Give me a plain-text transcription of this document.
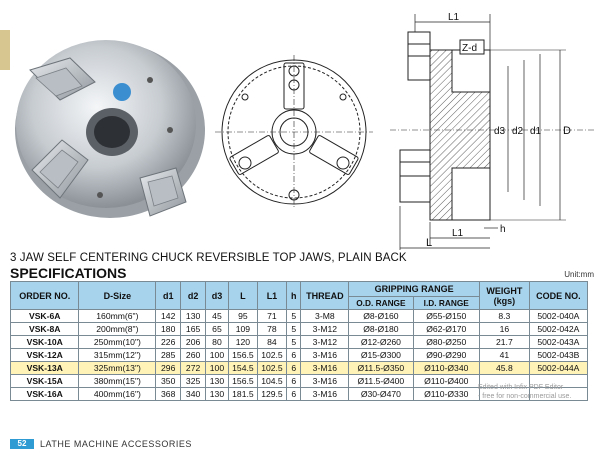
L1
Z-d
d3 d2 d1 D
h
L1
L
3 JAW SELF CENTERING CHUCK REVERSIBLE TOP JAWS, PLAIN BACK
SPECIFICATIONS	Unit:mm
ORDER NO.	D-Size	d1	d2	d3	L	L1	h	THREAD	GRIPPING RANGE		WEIGHT (kgs)	CODE NO.
									O.D. RANGE	I.D. RANGE		
VSK-6A	160mm(6")	142	130	45	95	71	5	3-M8	Ø8-Ø160	Ø55-Ø150	8.3	5002-040A
VSK-8A	200mm(8")	180	165	65	109	78	5	3-M12	Ø8-Ø180	Ø62-Ø170	16	5002-042A
VSK-10A	250mm(10")	226	206	80	120	84	5	3-M12	Ø12-Ø260	Ø80-Ø250	21.7	5002-043A
VSK-12A	315mm(12")	285	260	100	156.5	102.5	6	3-M16	Ø15-Ø300	Ø90-Ø290	41	5002-043B
VSK-13A	325mm(13")	296	272	100	154.5	102.5	6	3-M16	Ø11.5-Ø350	Ø110-Ø340	45.8	5002-044A
VSK-15A	380mm(15")	350	325	130	156.5	104.5	6	3-M16	Ø11.5-Ø400	Ø110-Ø400		
VSK-16A	400mm(16")	368	340	130	181.5	129.5	6	3-M16	Ø30-Ø470	Ø110-Ø330		
Edited with Infix PDF Editor
- free for non-commercial use.
52	LATHE MACHINE ACCESSORIES
